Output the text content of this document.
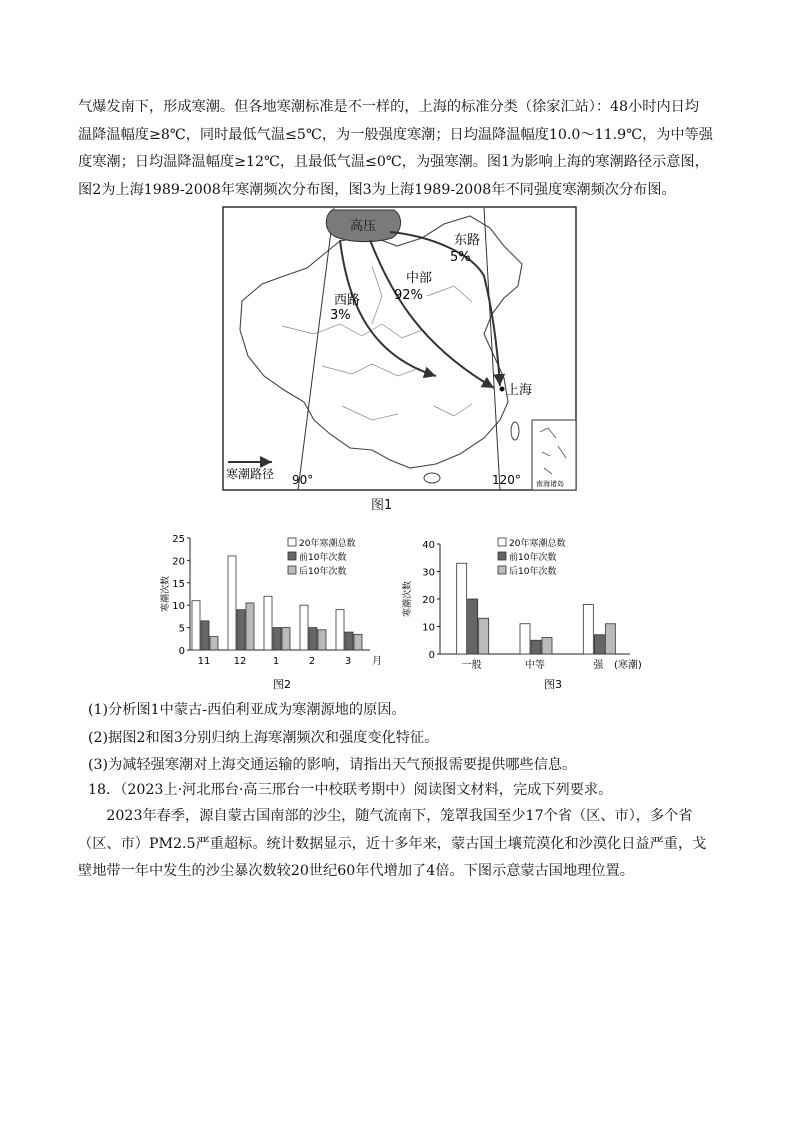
气爆发南下，形成寒潮。但各地寒潮标准是不一样的，上海的标准分类（徐家汇站）：48小时内日均
温降温幅度≥8℃，同时最低气温≤5℃，为一般强度寒潮；日均温降温幅度10.0～11.9℃，为中等强
度寒潮；日均温降温幅度≥12℃，且最低气温≤0℃，为强寒潮。图1为影响上海的寒潮路径示意图，
图2为上海1989-2008年寒潮频次分布图，图3为上海1989-2008年不同强度寒潮频次分布图。
高压
东路
5%
中部
92%
西路
3%
上海
南海诸岛
寒潮路径 90°	120°
图1
0
5
10
15
20
25
寒潮次数
11 12	1	2	3 月
20年寒潮总数
前10年次数
后10年次数
图2
0
10
20
30
40
寒潮次数
一般	中等	强 (寒潮)
20年寒潮总数
前10年次数
后10年次数
图3
(1)分析图1中蒙古-西伯利亚成为寒潮源地的原因。
(2)据图2和图3分别归纳上海寒潮频次和强度变化特征。
(3)为减轻强寒潮对上海交通运输的影响，请指出天气预报需要提供哪些信息。
18．（2023上·河北邢台·高三邢台一中校联考期中）阅读图文材料，完成下列要求。
　　2023年春季，源自蒙古国南部的沙尘，随气流南下，笼罩我国至少17个省（区、市），多个省
（区、市）PM2.5严重超标。统计数据显示，近十多年来，蒙古国土壤荒漠化和沙漠化日益严重，戈
壁地带一年中发生的沙尘暴次数较20世纪60年代增加了4倍。下图示意蒙古国地理位置。
